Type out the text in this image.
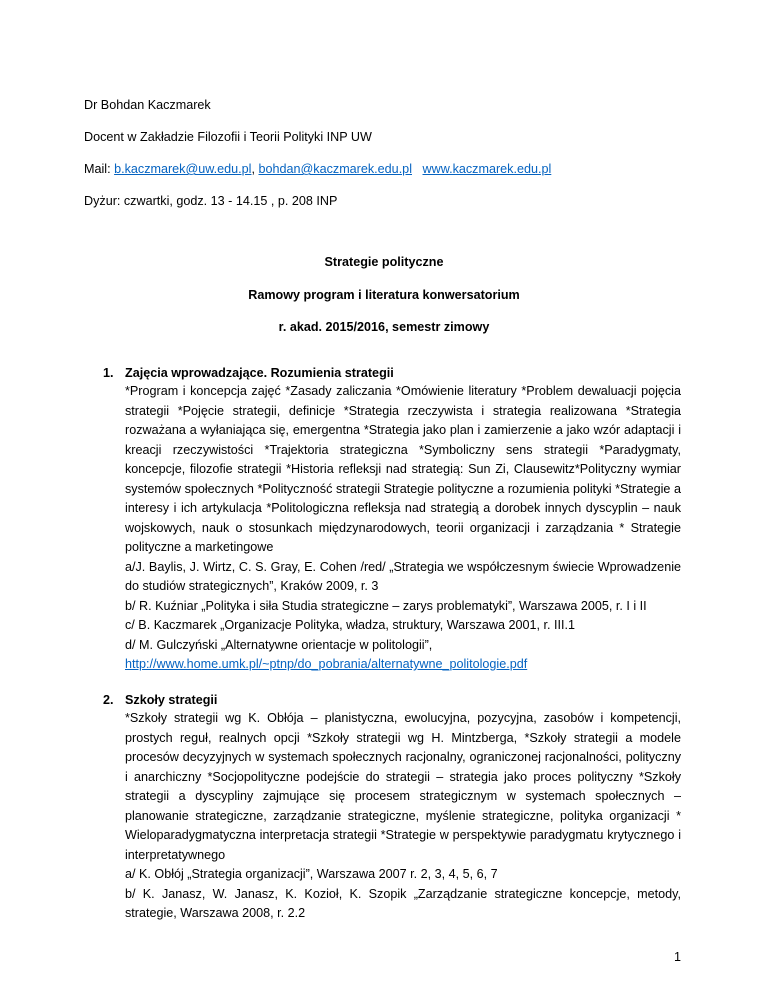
Dr Bohdan Kaczmarek

Docent w Zakładzie Filozofii i Teorii Polityki INP UW

Mail: b.kaczmarek@uw.edu.pl, bohdan@kaczmarek.edu.pl www.kaczmarek.edu.pl

Dyżur: czwartki, godz. 13 - 14.15 , p. 208 INP

Strategie polityczne

Ramowy program i literatura konwersatorium

r. akad. 2015/2016, semestr zimowy

1. Zajęcia wprowadzające. Rozumienia strategii

*Program i koncepcja zajęć *Zasady zaliczania *Omówienie literatury *Problem dewaluacji pojęcia strategii *Pojęcie strategii, definicje *Strategia rzeczywista i strategia realizowana *Strategia rozważana a wyłaniająca się, emergentna *Strategia jako plan i zamierzenie a jako wzór adaptacji i kreacji rzeczywistości *Trajektoria strategiczna *Symboliczny sens strategii *Paradygmaty, koncepcje, filozofie strategii *Historia refleksji nad strategią: Sun Zi, Clausewitz*Polityczny wymiar systemów społecznych *Polityczność strategii Strategie polityczne a rozumienia polityki *Strategie a interesy i ich artykulacja *Politologiczna refleksja nad strategią a dorobek innych dyscyplin – nauk wojskowych, nauk o stosunkach międzynarodowych, teorii organizacji i zarządzania * Strategie polityczne a marketingowe

a/J. Baylis, J. Wirtz, C. S. Gray, E. Cohen /red/ „Strategia we współczesnym świecie Wprowadzenie do studiów strategicznych”, Kraków 2009, r. 3
b/ R. Kuźniar „Polityka i siła Studia strategiczne – zarys problematyki”, Warszawa 2005, r. I i II
c/ B. Kaczmarek „Organizacje Polityka, władza, struktury, Warszawa 2001, r. III.1
d/ M. Gulczyński „Alternatywne orientacje w politologii”,
http://www.home.umk.pl/~ptnp/do_pobrania/alternatywne_politologie.pdf

2. Szkoły strategii

*Szkoły strategii wg K. Obłója – planistyczna, ewolucyjna, pozycyjna, zasobów i kompetencji, prostych reguł, realnych opcji *Szkoły strategii wg H. Mintzberga, *Szkoły strategii a modele procesów decyzyjnych w systemach społecznych racjonalny, ograniczonej racjonalności, polityczny i anarchiczny *Socjopolityczne podejście do strategii – strategia jako proces polityczny *Szkoły strategii a dyscypliny zajmujące się procesem strategicznym w systemach społecznych – planowanie strategiczne, zarządzanie strategiczne, myślenie strategiczne, polityka organizacji * Wieloparadygmatyczna interpretacja strategii *Strategie w perspektywie paradygmatu krytycznego i interpretatywnego

a/ K. Obłój „Strategia organizacji”, Warszawa 2007 r. 2, 3, 4, 5, 6, 7
b/ K. Janasz, W. Janasz, K. Kozioł, K. Szopik „Zarządzanie strategiczne koncepcje, metody, strategie, Warszawa 2008, r. 2.2

1
